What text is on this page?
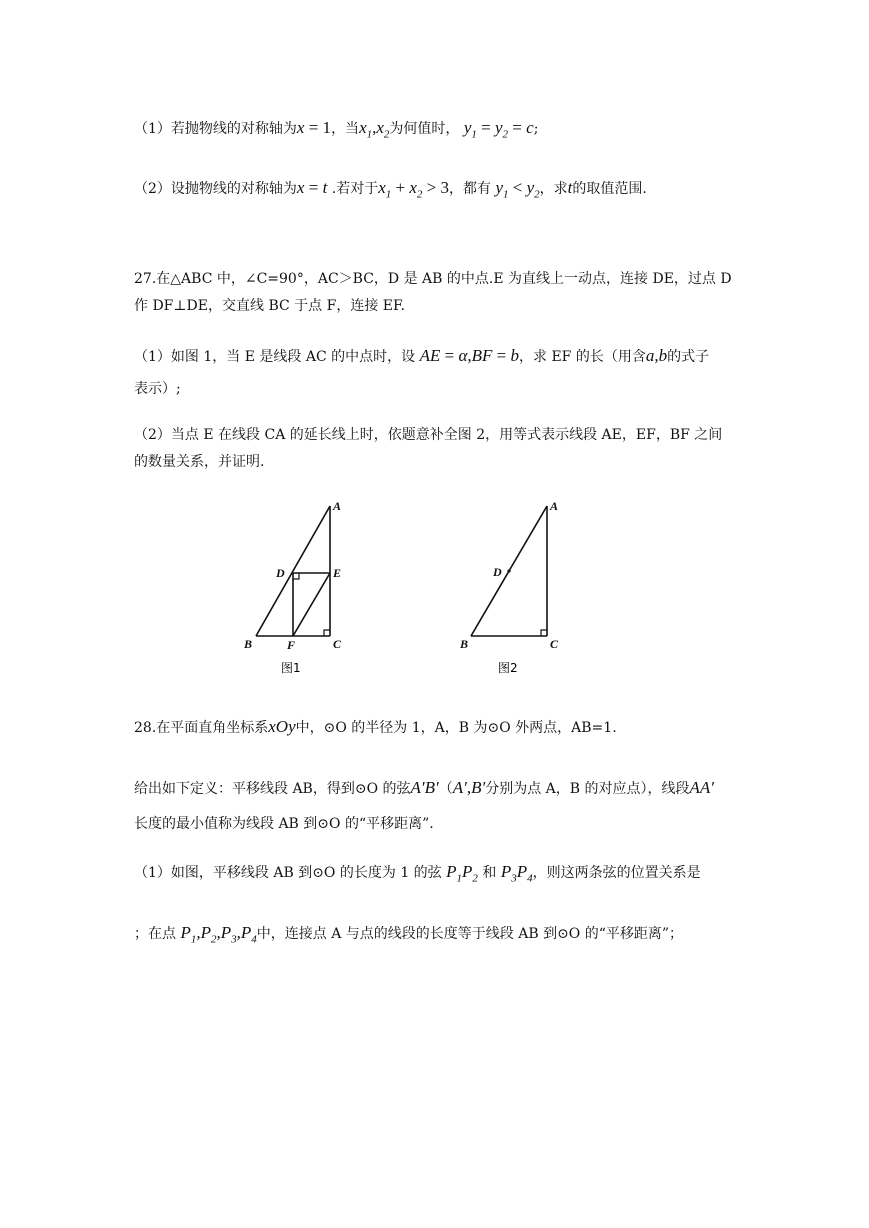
（1）若抛物线的对称轴为x = 1，当$x_1,x_2$为何值时， $y_1 = y_2 = c$;
（2）设抛物线的对称轴为x = t .若对于$x_1 + x_2 > 3$，都有 $y_1 < y_2$，求t的取值范围.
27.在△ABC 中，∠C=90°，AC＞BC，D 是 AB 的中点.E 为直线上一动点，连接 DE，过点 D
作 DF⊥DE，交直线 BC 于点 F，连接 EF.
（1）如图 1，当 E 是线段 AC 的中点时，设 AE = α,BF = b，求 EF 的长（用含a,b的式子
表示）;
（2）当点 E 在线段 CA 的延长线上时，依题意补全图 2，用等式表示线段 AE，EF，BF 之间
的数量关系，并证明.
A
D	E
B	F	C
图1
A
D
B	C
图2
28.在平面直角坐标系xOy中，⊙O 的半径为 1，A，B 为⊙O 外两点，AB=1.
给出如下定义：平移线段 AB，得到⊙O 的弦A′B′（A′,B′分别为点 A，B 的对应点），线段AA′
长度的最小值称为线段 AB 到⊙O 的“平移距离”.
（1）如图，平移线段 AB 到⊙O 的长度为 1 的弦 $P_1P_2$ 和 $P_3P_4$，则这两条弦的位置关系是
；在点 $P_1,P_2,P_3,P_4$中，连接点 A 与点的线段的长度等于线段 AB 到⊙O 的“平移距离”；
